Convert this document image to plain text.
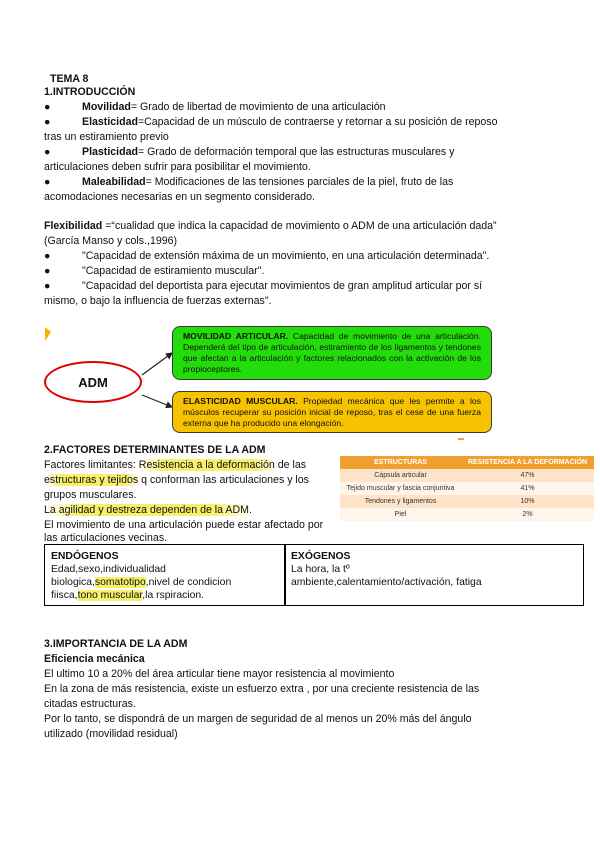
TEMA 8
1.INTRODUCCIÓN
●	Movilidad= Grado de libertad de movimiento de una articulación
●	Elasticidad=Capacidad de un músculo de contraerse y retornar a su posición de reposo
tras un estiramiento previo
●	Plasticidad= Grado de deformación temporal que las estructuras musculares y
articulaciones deben sufrir para posibilitar el movimiento.
●	Maleabilidad= Modificaciones de las tensiones parciales de la piel, fruto de las
acomodaciones necesarias en un segmento considerado.
Flexibilidad =“cualidad que indica la capacidad de movimiento o ADM de una articulación dada”
(García Manso y cols.,1996)
●	"Capacidad de extensión máxima de un movimiento, en una articulación determinada".
●	"Capacidad de estiramiento muscular".
●	"Capacidad del deportista para ejecutar movimientos de gran amplitud articular por sí
mismo, o bajo la influencia de fuerzas externas".
ADM
MOVILIDAD ARTICULAR. Capacidad de movimiento de una articulación. Dependerá del tipo de articulación, estiramiento de los ligamentos y tendones que afectan a la articulación y factores relacionados con la activación de los propioceptores.
ELASTICIDAD MUSCULAR. Propiedad mecánica que les permite a los músculos recuperar su posición inicial de reposo, tras el cese de una fuerza externa que ha producido una elongación.
2.FACTORES DETERMINANTES DE LA ADM
Factores limitantes: Resistencia a la deformación de las
estructuras y tejidos q conforman las articulaciones y los
grupos musculares.
La agilidad y destreza dependen de la ADM.
El movimiento de una articulación puede estar afectado por
las articulaciones vecinas.
ESTRUCTURAS	RESISTENCIA A LA DEFORMACIÓN
Cápsula articular	47%
Tejido muscular y fascia conjuntiva	41%
Tendones y ligamentos	10%
Piel	2%
ENDÓGENOS
Edad,sexo,individualidad
biologica,somatotipo,nivel de condicion
fiisca,tono muscular,la rspiracion.
EXÓGENOS
La hora, la tº
ambiente,calentamiento/activación, fatiga
3.IMPORTANCIA DE LA ADM
Eficiencia mecánica
El ultimo 10 a 20% del área articular tiene mayor resistencia al movimiento
En la zona de más resistencia, existe un esfuerzo extra , por una creciente resistencia de las
citadas estructuras.
Por lo tanto, se dispondrá de un margen de seguridad de al menos un 20% más del ángulo
utilizado (movilidad residual)
